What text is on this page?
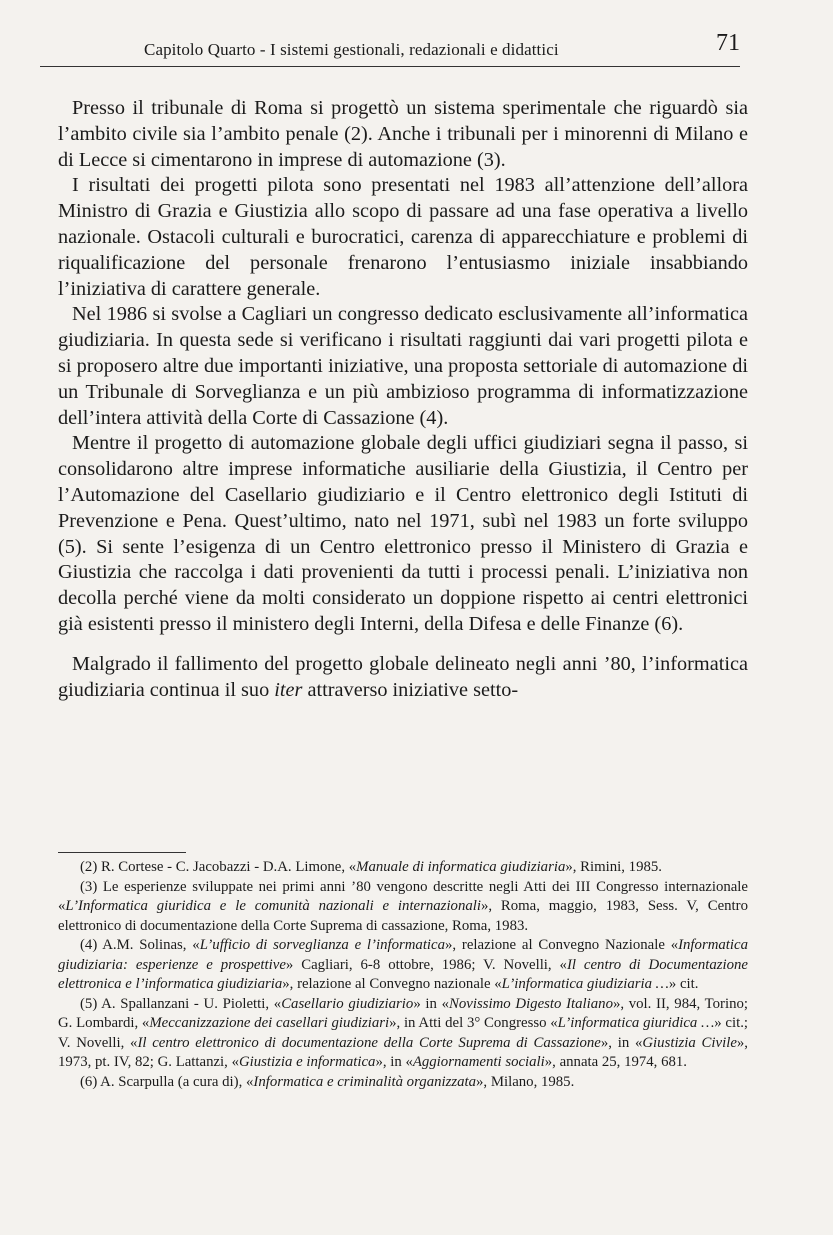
Capitolo Quarto - I sistemi gestionali, redazionali e didattici	71

Presso il tribunale di Roma si progettò un sistema sperimentale che riguardò sia l’ambito civile sia l’ambito penale (2). Anche i tribunali per i minorenni di Milano e di Lecce si cimentarono in imprese di automazione (3).

I risultati dei progetti pilota sono presentati nel 1983 all’attenzione dell’allora Ministro di Grazia e Giustizia allo scopo di passare ad una fase operativa a livello nazionale. Ostacoli culturali e burocratici, carenza di apparecchiature e problemi di riqualificazione del personale frenarono l’entusiasmo iniziale insabbiando l’iniziativa di carattere generale.

Nel 1986 si svolse a Cagliari un congresso dedicato esclusivamente all’informatica giudiziaria. In questa sede si verificano i risultati raggiunti dai vari progetti pilota e si proposero altre due importanti iniziative, una proposta settoriale di automazione di un Tribunale di Sorveglianza e un più ambizioso programma di informatizzazione dell’intera attività della Corte di Cassazione (4).

Mentre il progetto di automazione globale degli uffici giudiziari segna il passo, si consolidarono altre imprese informatiche ausiliarie della Giustizia, il Centro per l’Automazione del Casellario giudiziario e il Centro elettronico degli Istituti di Prevenzione e Pena. Quest’ultimo, nato nel 1971, subì nel 1983 un forte sviluppo (5). Si sente l’esigenza di un Centro elettronico presso il Ministero di Grazia e Giustizia che raccolga i dati provenienti da tutti i processi penali. L’iniziativa non decolla perché viene da molti considerato un doppione rispetto ai centri elettronici già esistenti presso il ministero degli Interni, della Difesa e delle Finanze (6).

Malgrado il fallimento del progetto globale delineato negli anni ’80, l’informatica giudiziaria continua il suo iter attraverso iniziative setto-

(2) R. Cortese - C. Jacobazzi - D.A. Limone, «Manuale di informatica giudiziaria», Rimini, 1985.

(3) Le esperienze sviluppate nei primi anni ’80 vengono descritte negli Atti dei III Congresso internazionale «L’Informatica giuridica e le comunità nazionali e internazionali», Roma, maggio, 1983, Sess. V, Centro elettronico di documentazione della Corte Suprema di cassazione, Roma, 1983.

(4) A.M. Solinas, «L’ufficio di sorveglianza e l’informatica», relazione al Convegno Nazionale «Informatica giudiziaria: esperienze e prospettive» Cagliari, 6-8 ottobre, 1986; V. Novelli, «Il centro di Documentazione elettronica e l’informatica giudiziaria», relazione al Convegno nazionale «L’informatica giudiziaria …» cit.

(5) A. Spallanzani - U. Pioletti, «Casellario giudiziario» in «Novissimo Digesto Italiano», vol. II, 984, Torino; G. Lombardi, «Meccanizzazione dei casellari giudiziari», in Atti del 3° Congresso «L’informatica giuridica …» cit.; V. Novelli, «Il centro elettronico di documentazione della Corte Suprema di Cassazione», in «Giustizia Civile», 1973, pt. IV, 82; G. Lattanzi, «Giustizia e informatica», in «Aggiornamenti sociali», annata 25, 1974, 681.

(6) A. Scarpulla (a cura di), «Informatica e criminalità organizzata», Milano, 1985.
